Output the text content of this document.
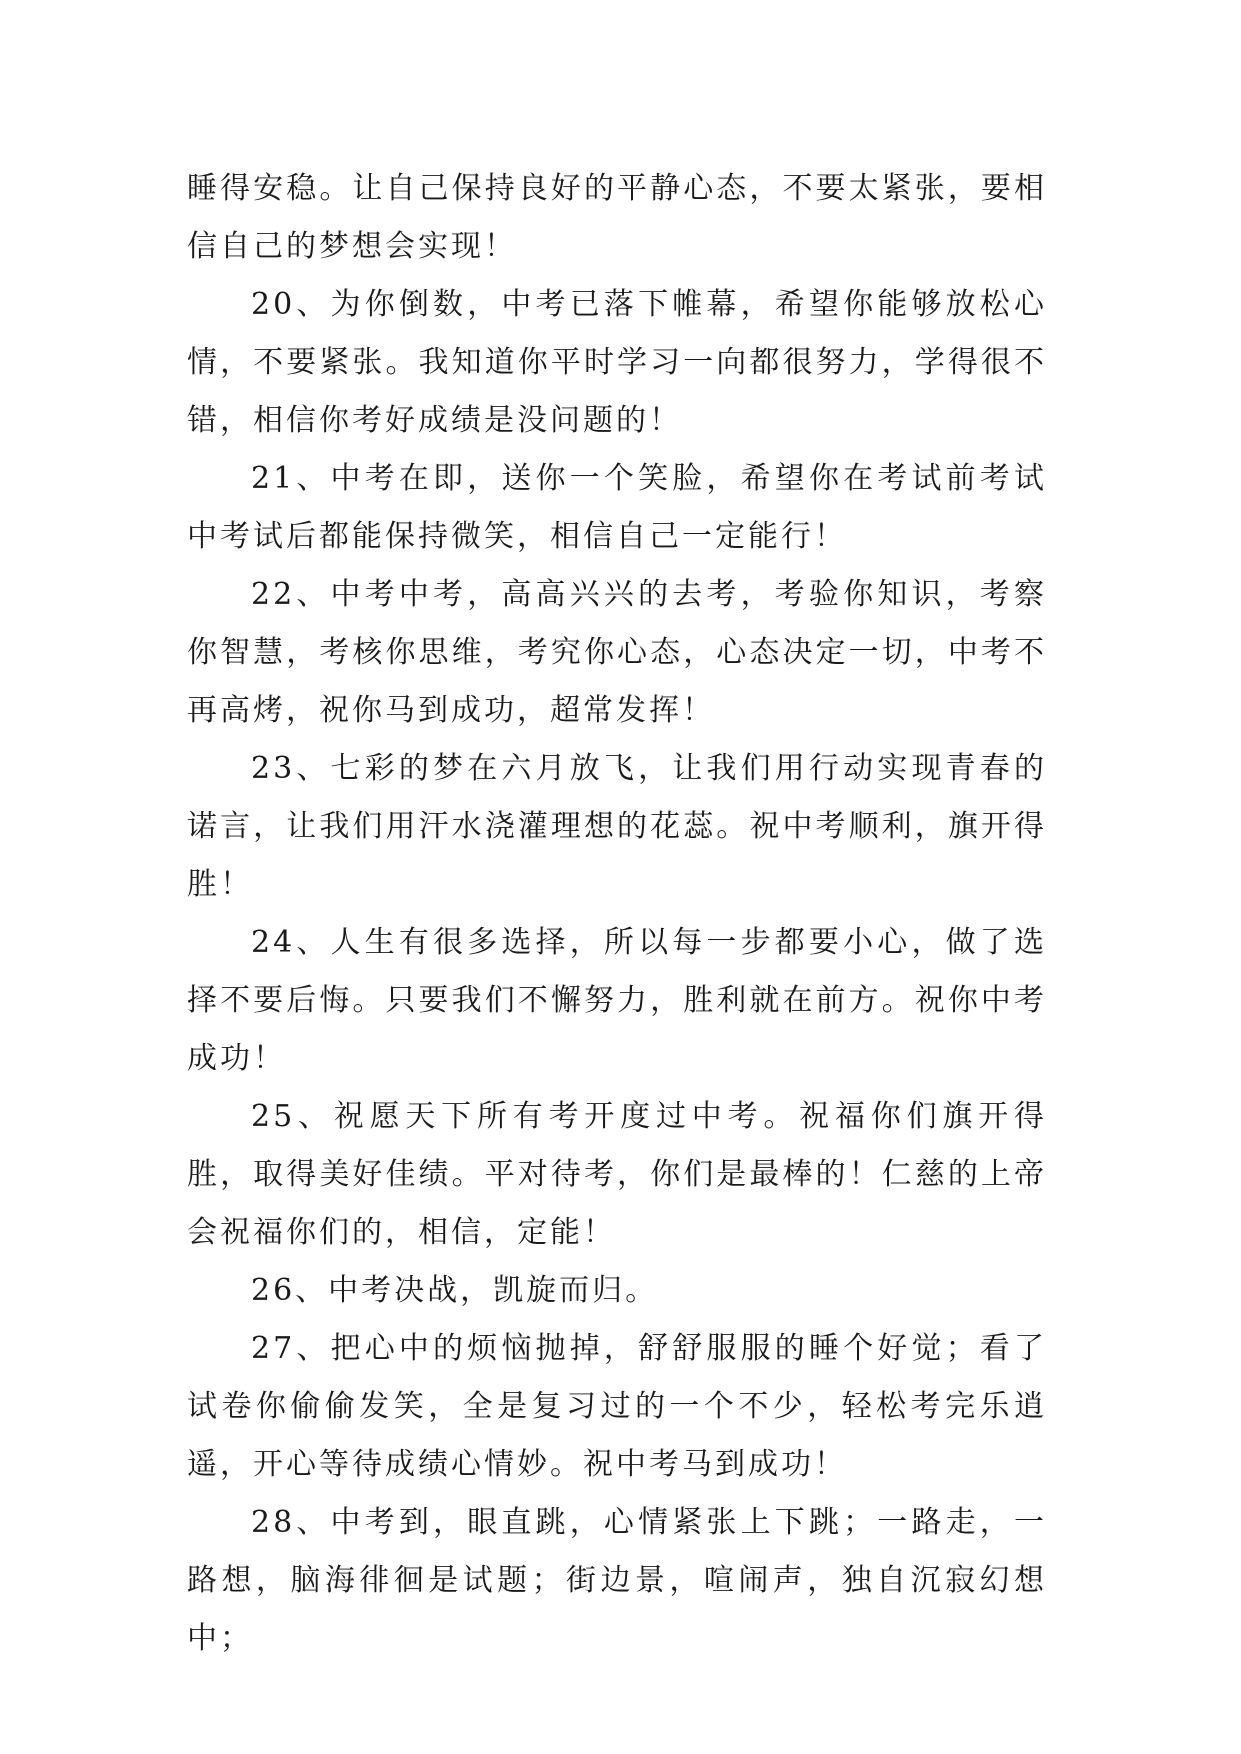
睡得安稳。让自己保持良好的平静心态，不要太紧张，要相信自己的梦想会实现！

20、为你倒数，中考已落下帷幕，希望你能够放松心情，不要紧张。我知道你平时学习一向都很努力，学得很不错，相信你考好成绩是没问题的！

21、中考在即，送你一个笑脸，希望你在考试前考试中考试后都能保持微笑，相信自己一定能行！

22、中考中考，高高兴兴的去考，考验你知识，考察你智慧，考核你思维，考究你心态，心态决定一切，中考不再高烤，祝你马到成功，超常发挥！

23、七彩的梦在六月放飞，让我们用行动实现青春的诺言，让我们用汗水浇灌理想的花蕊。祝中考顺利，旗开得胜！

24、人生有很多选择，所以每一步都要小心，做了选择不要后悔。只要我们不懈努力，胜利就在前方。祝你中考成功！

25、祝愿天下所有考开度过中考。祝福你们旗开得胜，取得美好佳绩。平对待考，你们是最棒的！仁慈的上帝会祝福你们的，相信，定能！

26、中考决战，凯旋而归。

27、把心中的烦恼抛掉，舒舒服服的睡个好觉；看了试卷你偷偷发笑，全是复习过的一个不少，轻松考完乐逍遥，开心等待成绩心情妙。祝中考马到成功！

28、中考到，眼直跳，心情紧张上下跳；一路走，一路想，脑海徘徊是试题；街边景，喧闹声，独自沉寂幻想中；
